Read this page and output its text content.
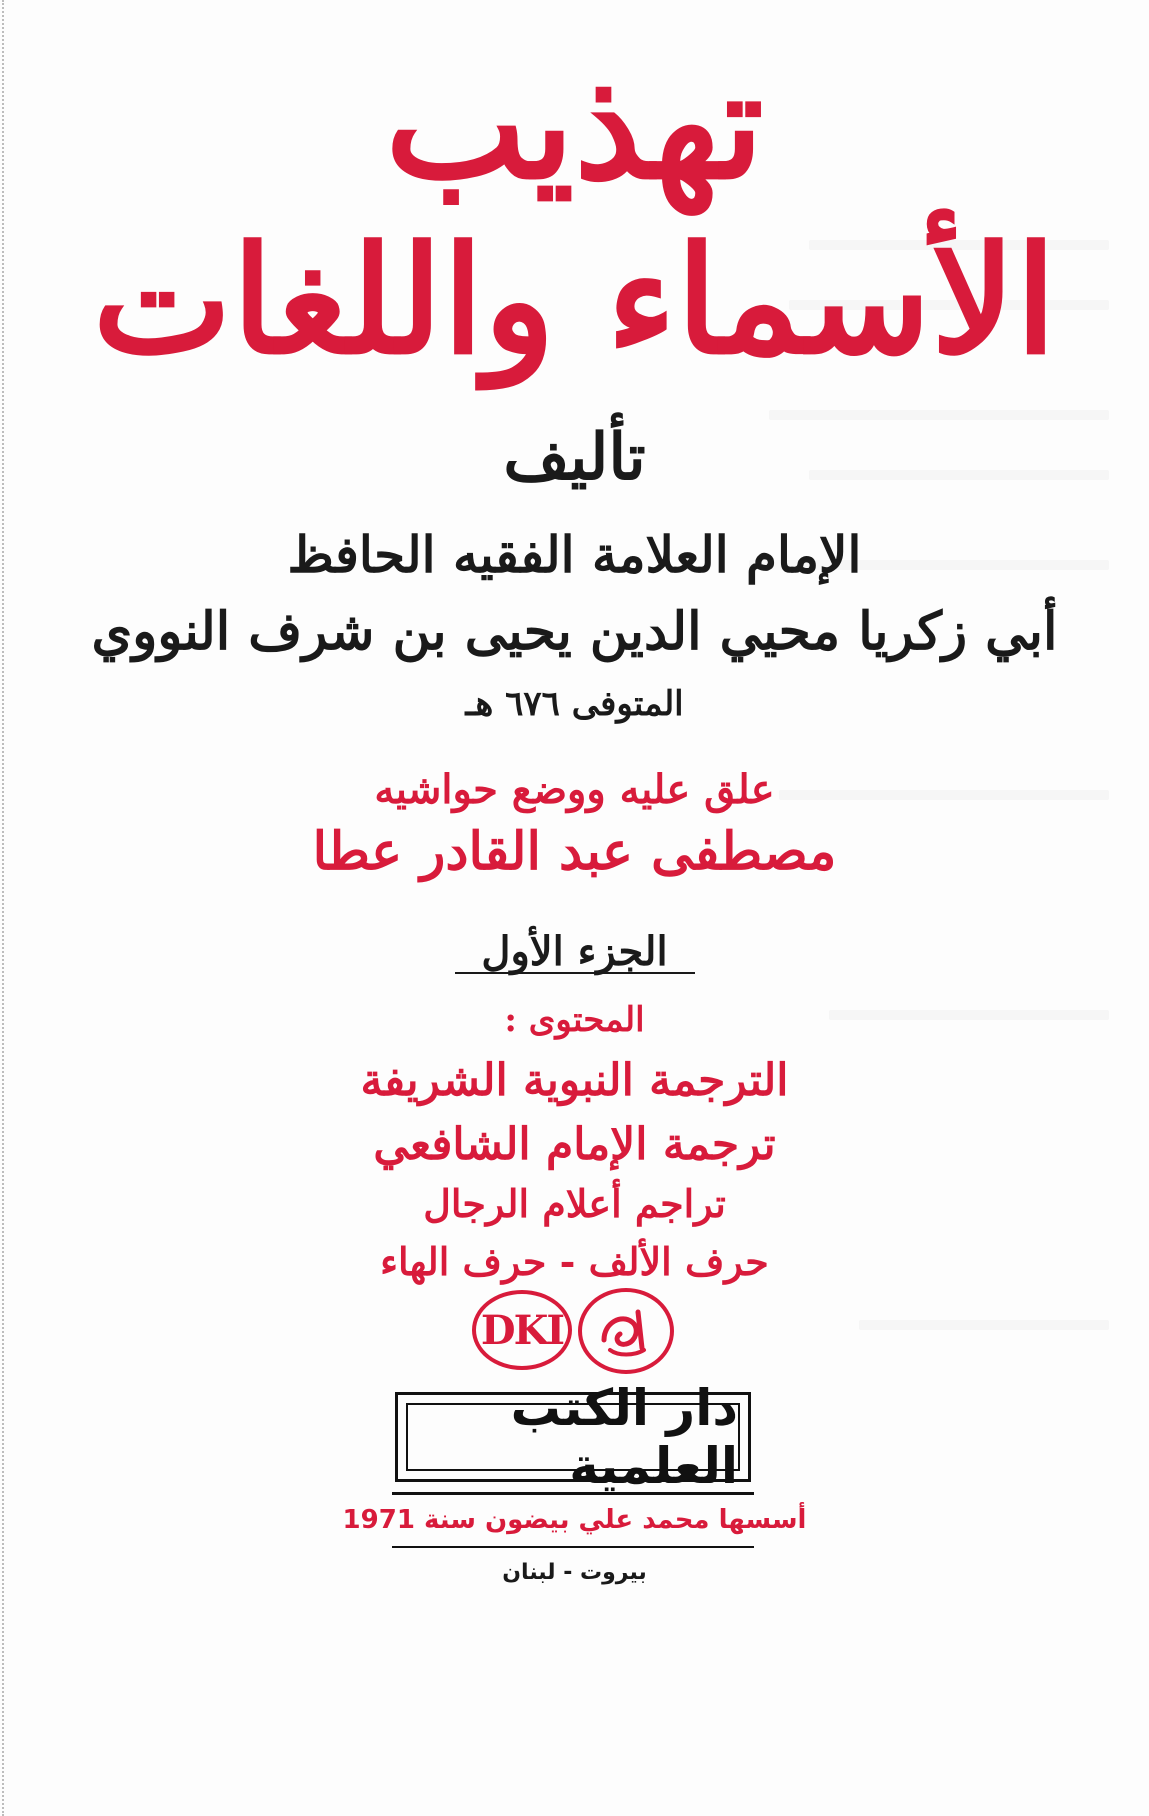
تهذيب
الأسماء واللغات
تأليف
الإمام العلامة الفقيه الحافظ
أبي زكريا محيي الدين يحيى بن شرف النووي
المتوفى ٦٧٦ هـ
علق عليه ووضع حواشيه
مصطفى عبد القادر عطا
الجزء الأول
المحتوى :
الترجمة النبوية الشريفة
ترجمة الإمام الشافعي
تراجم أعلام الرجال
حرف الألف - حرف الهاء
DKI
دار الكتب العلمية
أسسها محمد علي بيضون سنة 1971
بيروت - لبنان
